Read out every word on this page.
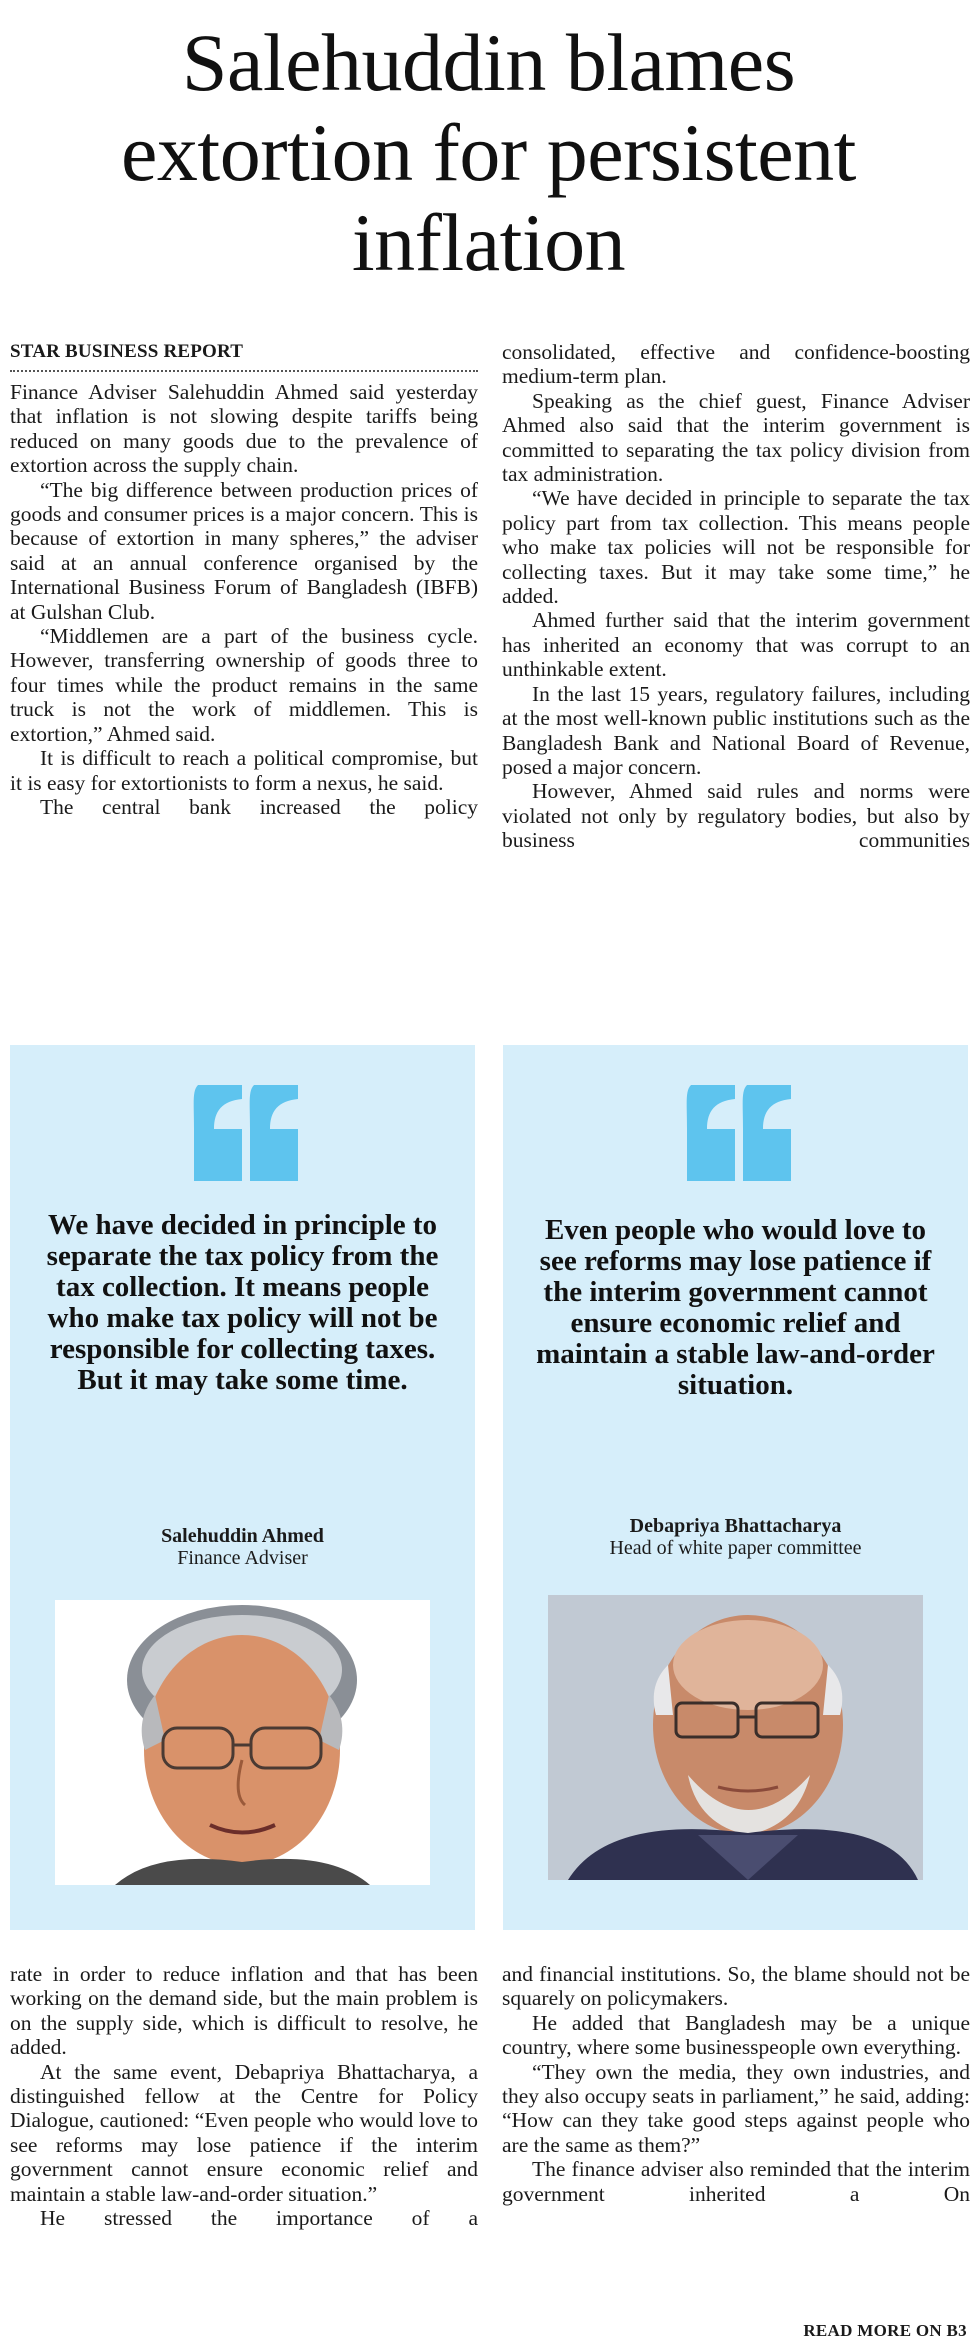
Salehuddin blames
extortion for persistent
inflation
STAR BUSINESS REPORT

Finance Adviser Salehuddin Ahmed said yesterday that inflation is not slowing despite tariffs being reduced on many goods due to the prevalence of extortion across the supply chain.

“The big difference between production prices of goods and consumer prices is a major concern. This is because of extortion in many spheres,” the adviser said at an annual conference organised by the International Business Forum of Bangladesh (IBFB) at Gulshan Club.

“Middlemen are a part of the business cycle. However, transferring ownership of goods three to four times while the product remains in the same truck is not the work of middlemen. This is extortion,” Ahmed said.

It is difficult to reach a political compromise, but it is easy for extortionists to form a nexus, he said.

The central bank increased the policy

consolidated, effective and confidence-boosting medium-term plan.

Speaking as the chief guest, Finance Adviser Ahmed also said that the interim government is committed to separating the tax policy division from tax administration.

“We have decided in principle to separate the tax policy part from tax collection. This means people who make tax policies will not be responsible for collecting taxes. But it may take some time,” he added.

Ahmed further said that the interim government has inherited an economy that was corrupt to an unthinkable extent.

In the last 15 years, regulatory failures, including at the most well-known public institutions such as the Bangladesh Bank and National Board of Revenue, posed a major concern.

However, Ahmed said rules and norms were violated not only by regulatory bodies, but also by business communities

We have decided in principle to separate the tax policy from the tax collection. It means people who make tax policy will not be responsible for collecting taxes. But it may take some time.
Salehuddin Ahmed
Finance Adviser
Even people who would love to see reforms may lose patience if the interim government cannot ensure economic relief and maintain a stable law-and-order situation.
Debapriya Bhattacharya
Head of white paper committee

rate in order to reduce inflation and that has been working on the demand side, but the main problem is on the supply side, which is difficult to resolve, he added.

At the same event, Debapriya Bhattacharya, a distinguished fellow at the Centre for Policy Dialogue, cautioned: “Even people who would love to see reforms may lose patience if the interim government cannot ensure economic relief and maintain a stable law-and-order situation.”

He stressed the importance of a

and financial institutions. So, the blame should not be squarely on policymakers.

He added that Bangladesh may be a unique country, where some businesspeople own everything.

“They own the media, they own industries, and they also occupy seats in parliament,” he said, adding: “How can they take good steps against people who are the same as them?”

The finance adviser also reminded that the interim government inherited a On

READ MORE ON B3
